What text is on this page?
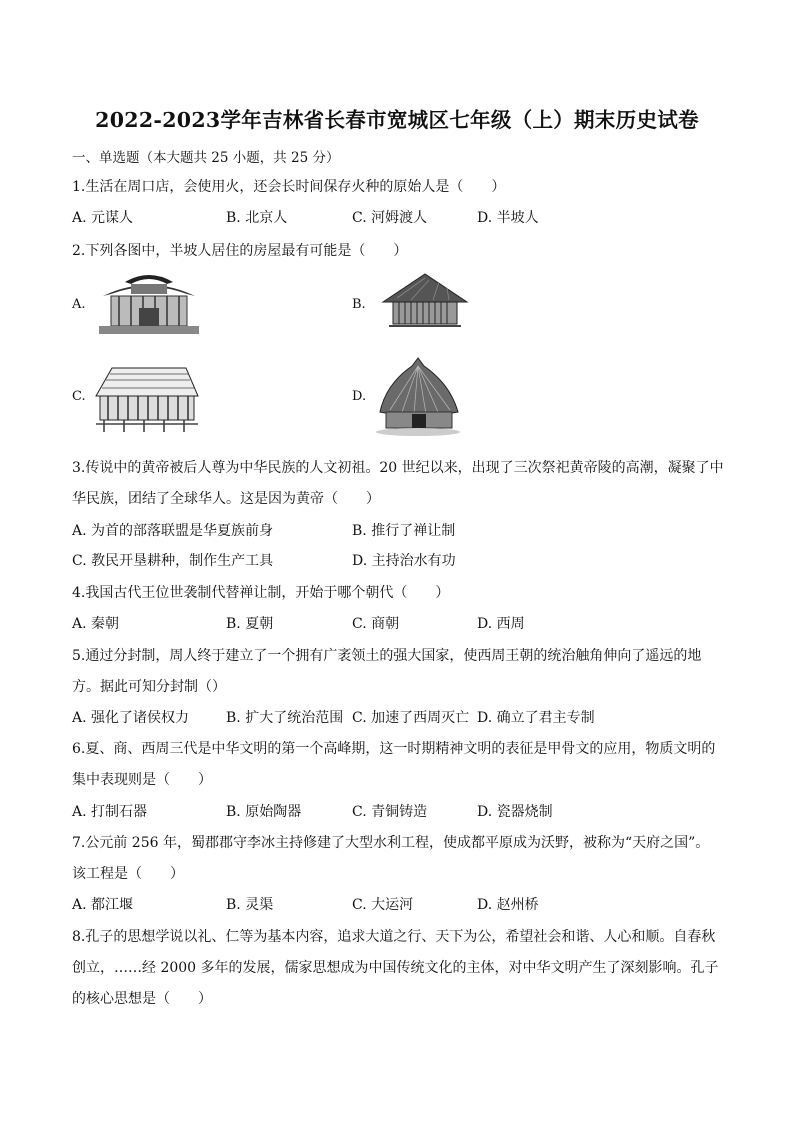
2022-2023学年吉林省长春市宽城区七年级（上）期末历史试卷
一、单选题（本大题共 25 小题，共 25 分）
1.生活在周口店，会使用火，还会长时间保存火种的原始人是（　　）
A. 元谋人	B. 北京人	C. 河姆渡人	D. 半坡人
2.下列各图中，半坡人居住的房屋最有可能是（　　）
A.	B.
C.	D.
3.传说中的黄帝被后人尊为中华民族的人文初祖。20 世纪以来，出现了三次祭祀黄帝陵的高潮，凝聚了中
华民族，团结了全球华人。这是因为黄帝（　　）
A. 为首的部落联盟是华夏族前身	B. 推行了禅让制
C. 教民开垦耕种，制作生产工具	D. 主持治水有功
4.我国古代王位世袭制代替禅让制，开始于哪个朝代（　　）
A. 秦朝	B. 夏朝	C. 商朝	D. 西周
5.通过分封制，周人终于建立了一个拥有广袤领土的强大国家，使西周王朝的统治触角伸向了遥远的地
方。据此可知分封制（）
A. 强化了诸侯权力	B. 扩大了统治范围 C. 加速了西周灭亡 D. 确立了君主专制
6.夏、商、西周三代是中华文明的第一个高峰期，这一时期精神文明的表征是甲骨文的应用，物质文明的
集中表现则是（　　）
A. 打制石器	B. 原始陶器	C. 青铜铸造	D. 瓷器烧制
7.公元前 256 年，蜀郡郡守李冰主持修建了大型水利工程，使成都平原成为沃野，被称为“天府之国”。
该工程是（　　）
A. 都江堰	B. 灵渠	C. 大运河	D. 赵州桥
8.孔子的思想学说以礼、仁等为基本内容，追求大道之行、天下为公，希望社会和谐、人心和顺。自春秋
创立，……经 2000 多年的发展，儒家思想成为中国传统文化的主体，对中华文明产生了深刻影响。孔子
的核心思想是（　　）
